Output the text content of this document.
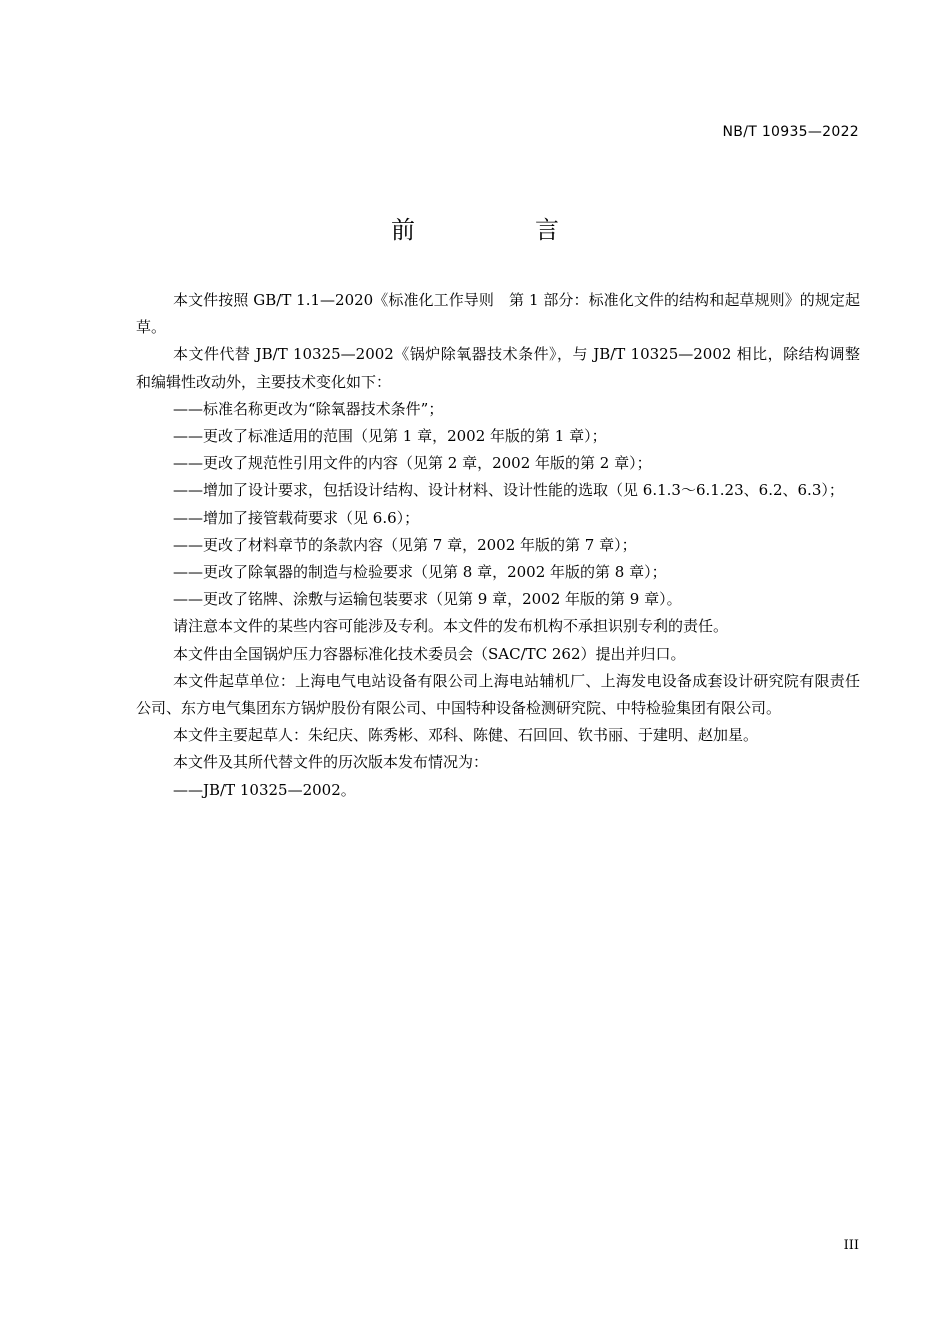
NB/T 10935—2022
前　言

本文件按照 GB/T 1.1—2020《标准化工作导则　第 1 部分：标准化文件的结构和起草规则》的规定起草。

本文件代替 JB/T 10325—2002《锅炉除氧器技术条件》，与 JB/T 10325—2002 相比，除结构调整和编辑性改动外，主要技术变化如下：

——标准名称更改为“除氧器技术条件”；

——更改了标准适用的范围（见第 1 章，2002 年版的第 1 章）；

——更改了规范性引用文件的内容（见第 2 章，2002 年版的第 2 章）；

——增加了设计要求，包括设计结构、设计材料、设计性能的选取（见 6.1.3～6.1.23、6.2、6.3）；

——增加了接管载荷要求（见 6.6）；

——更改了材料章节的条款内容（见第 7 章，2002 年版的第 7 章）；

——更改了除氧器的制造与检验要求（见第 8 章，2002 年版的第 8 章）；

——更改了铭牌、涂敷与运输包装要求（见第 9 章，2002 年版的第 9 章）。

请注意本文件的某些内容可能涉及专利。本文件的发布机构不承担识别专利的责任。

本文件由全国锅炉压力容器标准化技术委员会（SAC/TC 262）提出并归口。

本文件起草单位：上海电气电站设备有限公司上海电站辅机厂、上海发电设备成套设计研究院有限责任公司、东方电气集团东方锅炉股份有限公司、中国特种设备检测研究院、中特检验集团有限公司。

本文件主要起草人：朱纪庆、陈秀彬、邓科、陈健、石回回、钦书丽、于建明、赵加星。

本文件及其所代替文件的历次版本发布情况为：

——JB/T 10325—2002。

III
